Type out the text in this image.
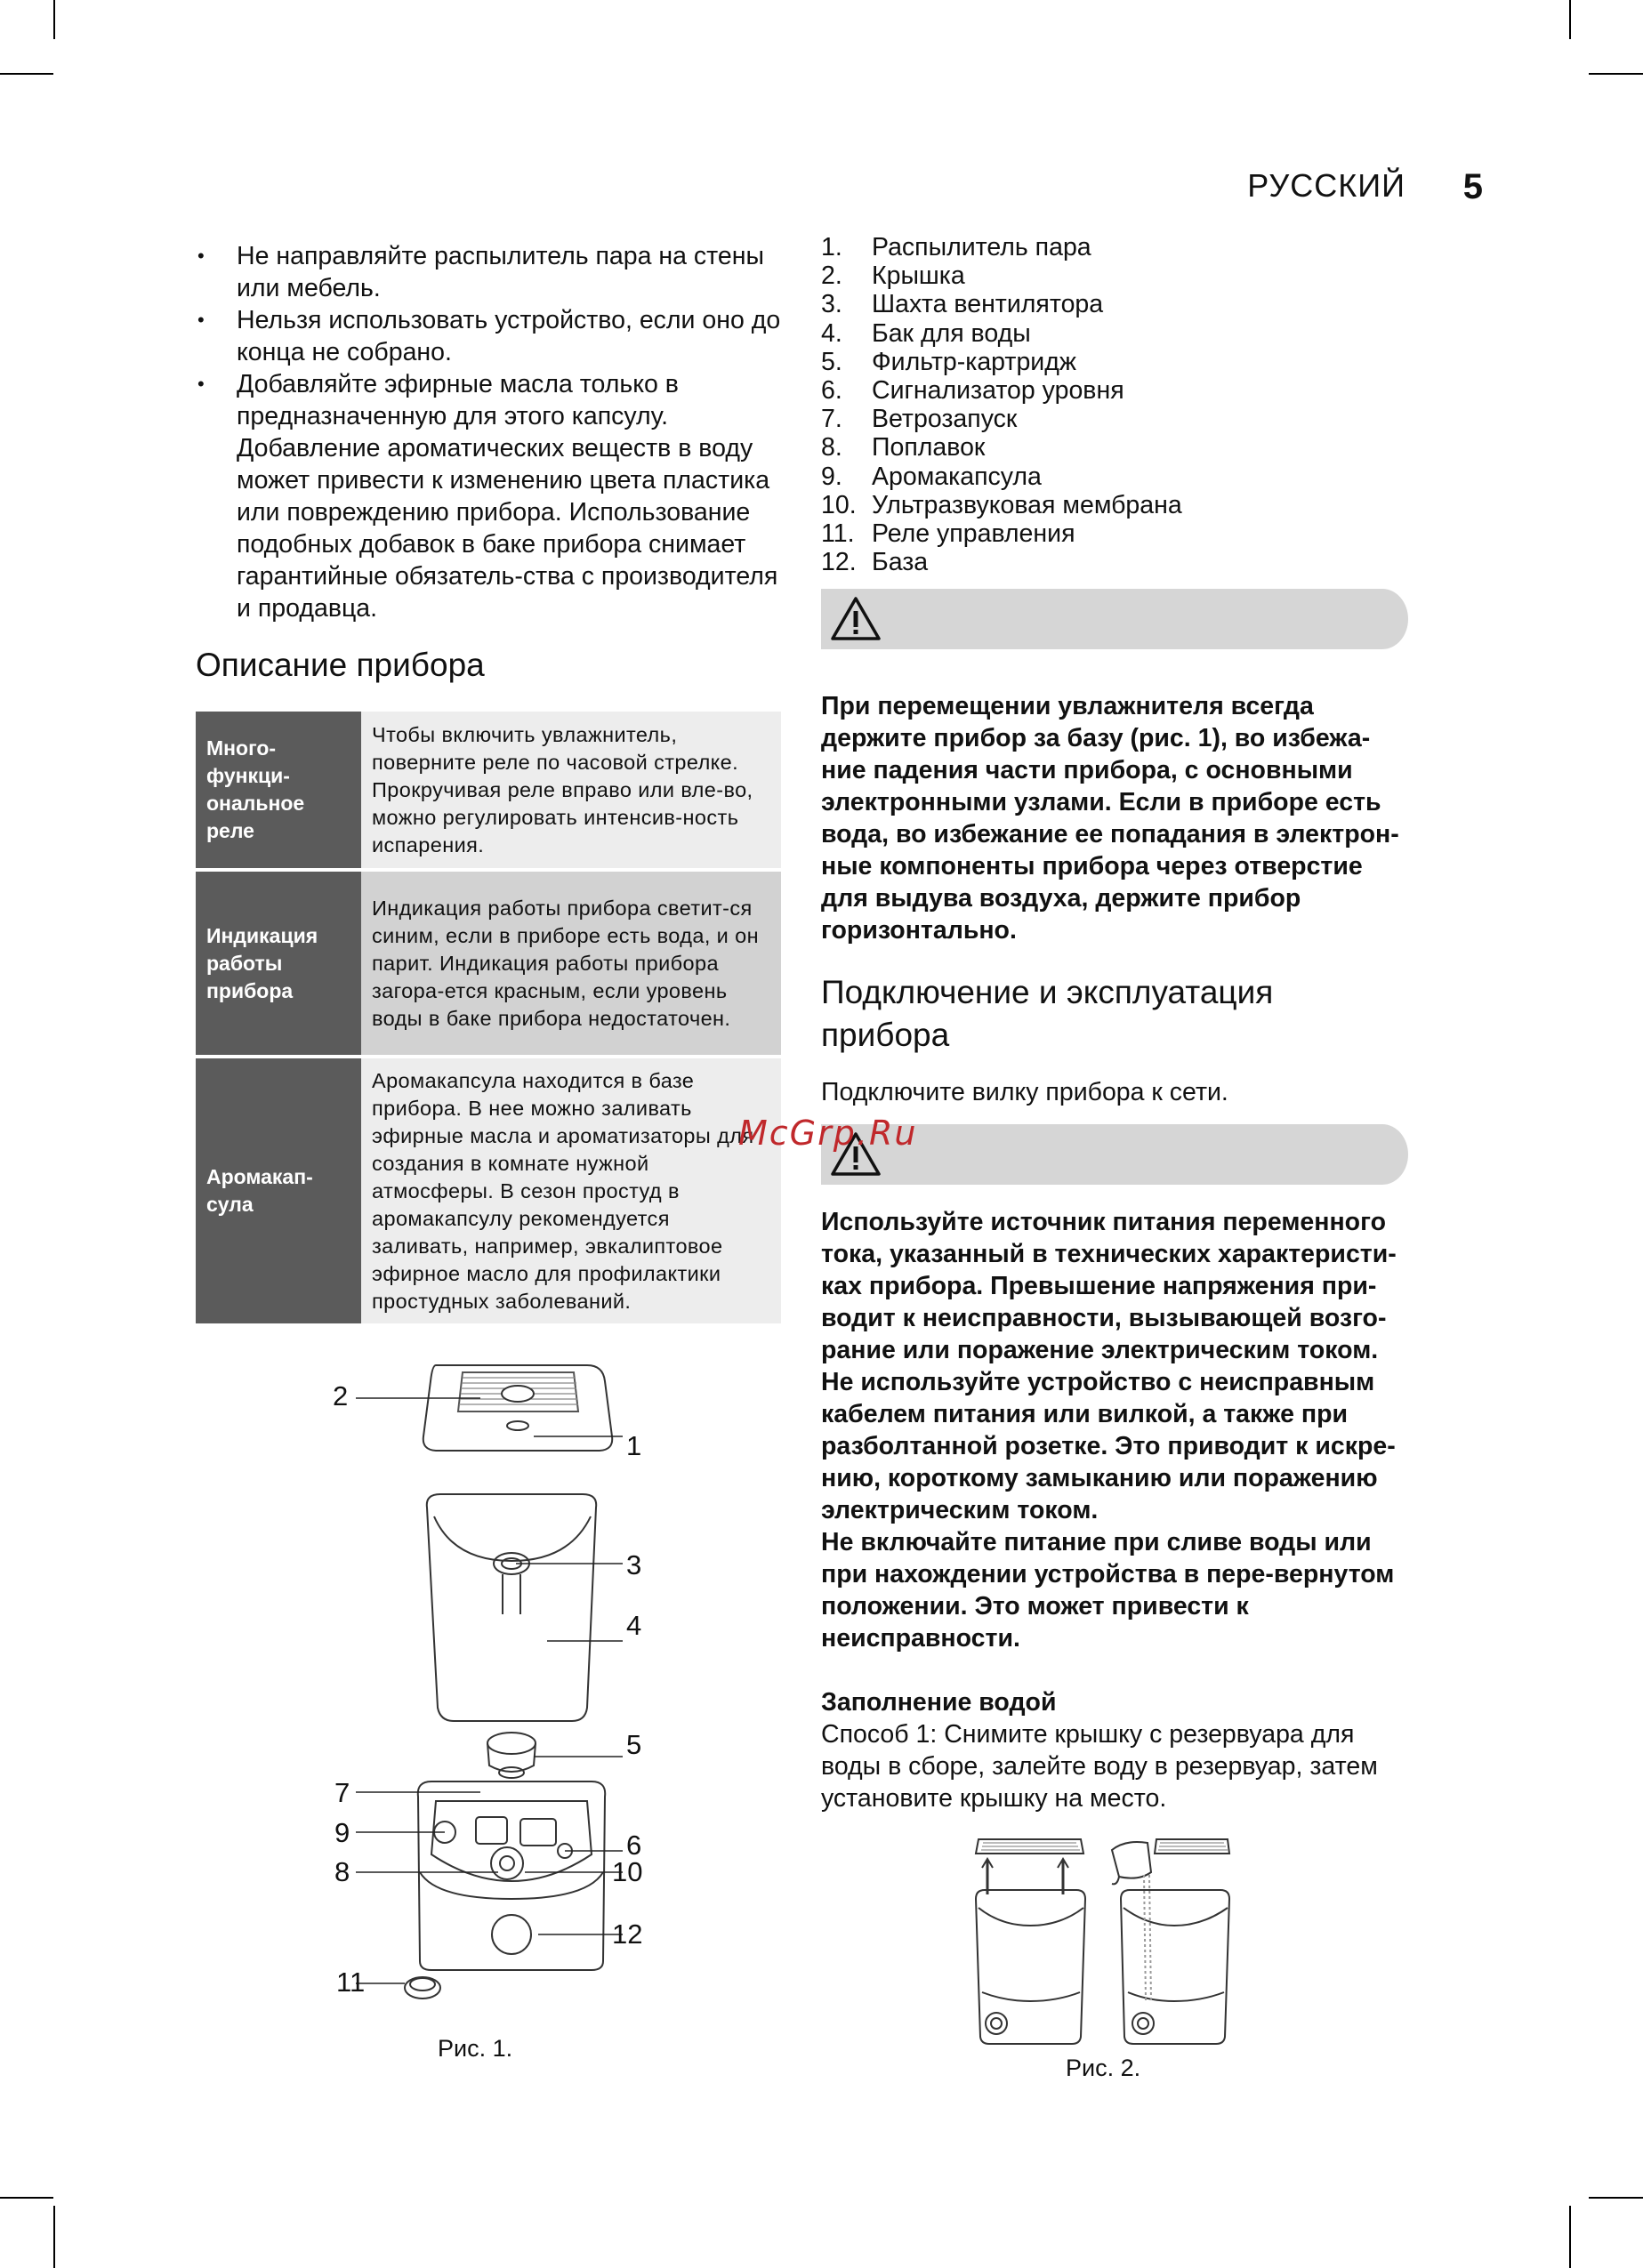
РУССКИЙ 5
• Не направляйте распылитель пара на стены или мебель.
• Нельзя использовать устройство, если оно до конца не собрано.
• Добавляйте эфирные масла только в предназначенную для этого капсулу. Добавление ароматических веществ в воду может привести к изменению цвета пластика или повреждению прибора. Использование подобных добавок в баке прибора снимает гарантийные обязатель-ства с производителя и продавца.
Описание прибора
Много-функци-ональное реле	Чтобы включить увлажнитель, поверните реле по часовой стрелке. Прокручивая реле вправо или вле-во, можно регулировать интенсив-ность испарения.
Индикация работы прибора	Индикация работы прибора светит-ся синим, если в приборе есть вода, и он парит. Индикация работы прибора загора-ется красным, если уровень воды в баке прибора недостаточен.
Аромакап-сула	Аромакапсула находится в базе прибора. В нее можно заливать эфирные масла и ароматизаторы для создания в комнате нужной атмосферы. В сезон простуд в аромакапсулу рекомендуется заливать, например, эвкалиптовое эфирное масло для профилактики простудных заболеваний.
2
1
3
4
5
7
9	6
8	10
12
11
Рис. 1.
1. Распылитель пара
2. Крышка
3. Шахта вентилятора
4. Бак для воды
5. Фильтр-картридж
6. Сигнализатор уровня
7. Ветрозапуск
8. Поплавок
9. Аромакапсула
10. Ультразвуковая мембрана
11. Реле управления
12. База

При перемещении увлажнителя всегда держите прибор за базу (рис. 1), во избежа-ние падения части прибора, с основными электронными узлами. Если в приборе есть вода, во избежание ее попадания в электрон-ные компоненты прибора через отверстие для выдува воздуха, держите прибор горизонтально.

Подключение и эксплуатация прибора

Подключите вилку прибора к сети.

Используйте источник питания переменного тока, указанный в технических характеристи-ках прибора. Превышение напряжения при-водит к неисправности, вызывающей возго-рание или поражение электрическим током.

Не используйте устройство с неисправным кабелем питания или вилкой, а также при разболтанной розетке. Это приводит к искре-нию, короткому замыканию или поражению электрическим током.

Не включайте питание при сливе воды или при нахождении устройства в пере-вернутом положении. Это может привести к неисправности.

Заполнение водой

Способ 1: Снимите крышку с резервуара для воды в сборе, залейте воду в резервуар, затем установите крышку на место.

McGrp.Ru
Рис. 2.
